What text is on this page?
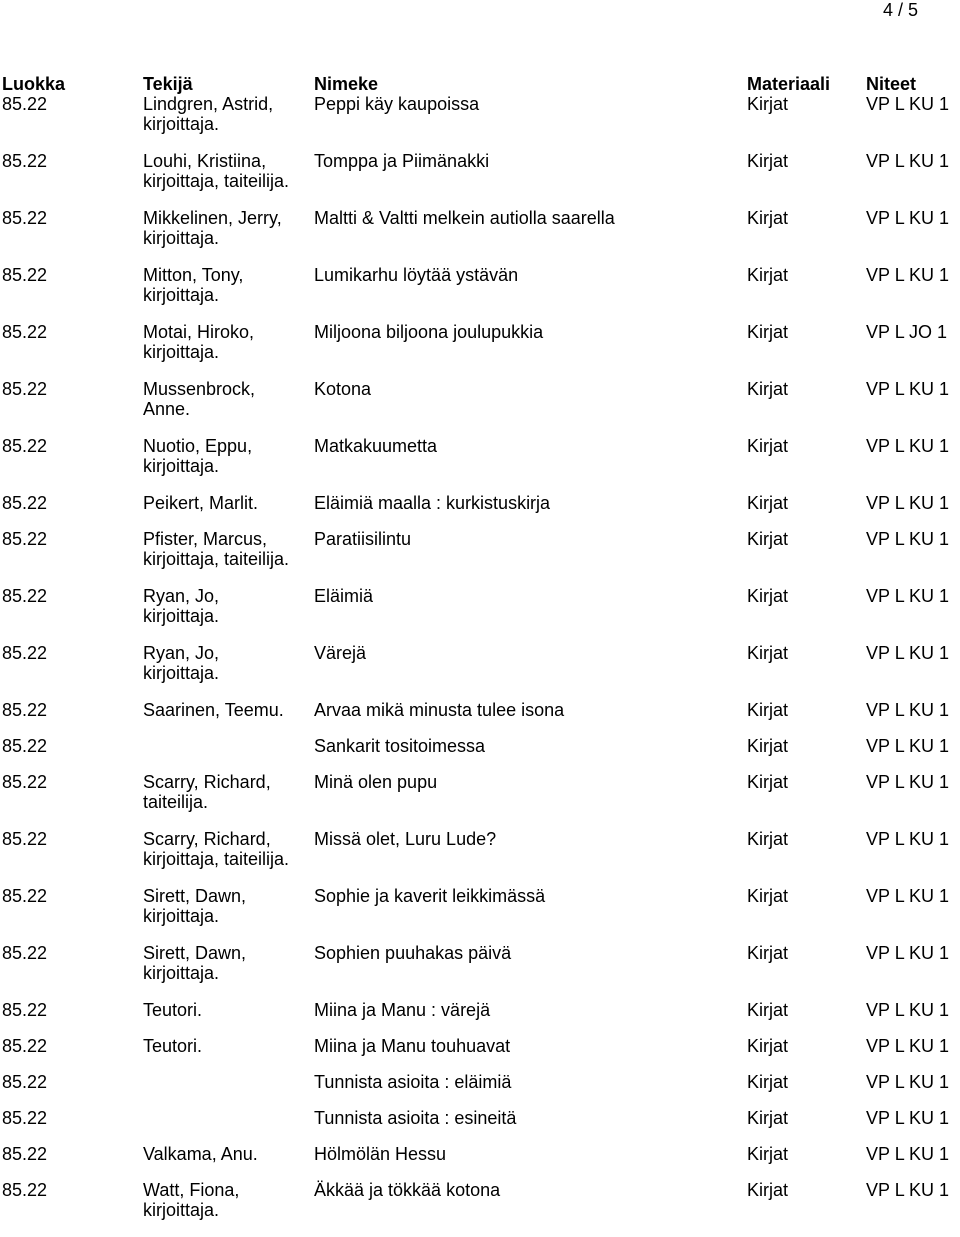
4 / 5
Luokka	Tekijä	Nimeke	Materiaali	Niteet
85.22	Lindgren, Astrid,
kirjoittaja.	Peppi käy kaupoissa	Kirjat	VP L KU 1
85.22	Louhi, Kristiina,
kirjoittaja, taiteilija.	Tomppa ja Piimänakki	Kirjat	VP L KU 1
85.22	Mikkelinen, Jerry,
kirjoittaja.	Maltti & Valtti melkein autiolla saarella	Kirjat	VP L KU 1
85.22	Mitton, Tony,
kirjoittaja.	Lumikarhu löytää ystävän	Kirjat	VP L KU 1
85.22	Motai, Hiroko,
kirjoittaja.	Miljoona biljoona joulupukkia	Kirjat	VP L JO 1
85.22	Mussenbrock,
Anne.	Kotona	Kirjat	VP L KU 1
85.22	Nuotio, Eppu,
kirjoittaja.	Matkakuumetta	Kirjat	VP L KU 1
85.22	Peikert, Marlit.	Eläimiä maalla : kurkistuskirja	Kirjat	VP L KU 1
85.22	Pfister, Marcus,
kirjoittaja, taiteilija.	Paratiisilintu	Kirjat	VP L KU 1
85.22	Ryan, Jo,
kirjoittaja.	Eläimiä	Kirjat	VP L KU 1
85.22	Ryan, Jo,
kirjoittaja.	Värejä	Kirjat	VP L KU 1
85.22	Saarinen, Teemu.	Arvaa mikä minusta tulee isona	Kirjat	VP L KU 1
85.22		Sankarit tositoimessa	Kirjat	VP L KU 1
85.22	Scarry, Richard,
taiteilija.	Minä olen pupu	Kirjat	VP L KU 1
85.22	Scarry, Richard,
kirjoittaja, taiteilija.	Missä olet, Luru Lude?	Kirjat	VP L KU 1
85.22	Sirett, Dawn,
kirjoittaja.	Sophie ja kaverit leikkimässä	Kirjat	VP L KU 1
85.22	Sirett, Dawn,
kirjoittaja.	Sophien puuhakas päivä	Kirjat	VP L KU 1
85.22	Teutori.	Miina ja Manu : värejä	Kirjat	VP L KU 1
85.22	Teutori.	Miina ja Manu touhuavat	Kirjat	VP L KU 1
85.22		Tunnista asioita : eläimiä	Kirjat	VP L KU 1
85.22		Tunnista asioita : esineitä	Kirjat	VP L KU 1
85.22	Valkama, Anu.	Hölmölän Hessu	Kirjat	VP L KU 1
85.22	Watt, Fiona,
kirjoittaja.	Äkkää ja tökkää kotona	Kirjat	VP L KU 1
